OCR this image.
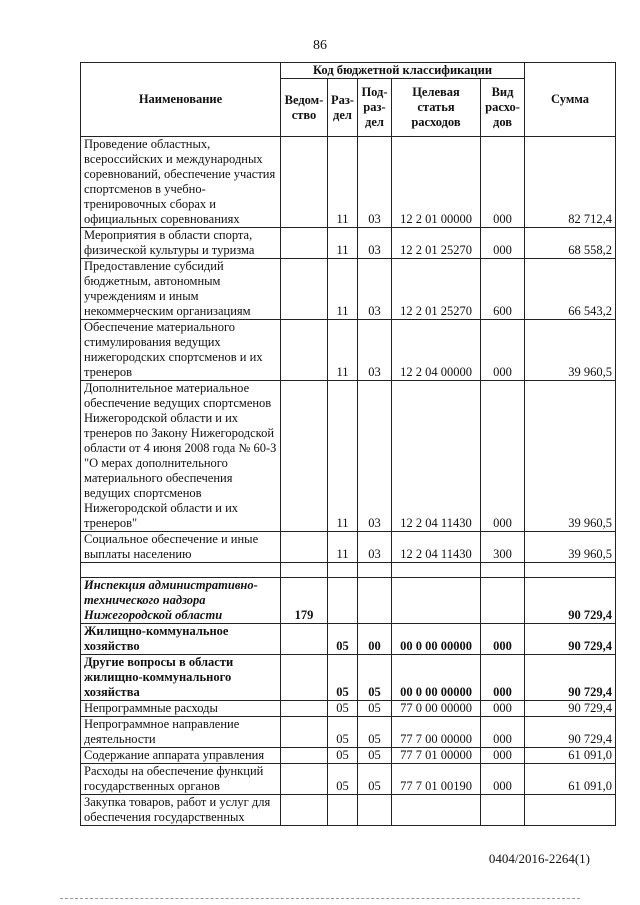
86
Наименование	Код бюджетной классификации					Сумма
	Ведом-ство	Раз-дел	Под-раз-дел	Целевая статья расходов	Вид расхо-дов	
Проведение областных, всероссийских и международных соревнований, обеспечение участия спортсменов в учебно-тренировочных сборах и официальных соревнованиях		11	03	12 2 01 00000	000	82 712,4
Мероприятия в области спорта, физической культуры и туризма		11	03	12 2 01 25270	000	68 558,2
Предоставление субсидий бюджетным, автономным учреждениям и иным некоммерческим организациям		11	03	12 2 01 25270	600	66 543,2
Обеспечение материального стимулирования ведущих нижегородских спортсменов и их тренеров		11	03	12 2 04 00000	000	39 960,5
Дополнительное материальное обеспечение ведущих спортсменов Нижегородской области и их тренеров по Закону Нижегородской области от 4 июня 2008 года № 60-З "О мерах дополнительного материального обеспечения ведущих спортсменов Нижегородской области и их тренеров"		11	03	12 2 04 11430	000	39 960,5
Социальное обеспечение и иные выплаты населению		11	03	12 2 04 11430	300	39 960,5

Инспекция административно-технического надзора Нижегородской области	179					90 729,4
Жилищно-коммунальное хозяйство		05	00	00 0 00 00000	000	90 729,4
Другие вопросы в области жилищно-коммунального хозяйства		05	05	00 0 00 00000	000	90 729,4
Непрограммные расходы		05	05	77 0 00 00000	000	90 729,4
Непрограммное направление деятельности		05	05	77 7 00 00000	000	90 729,4
Содержание аппарата управления		05	05	77 7 01 00000	000	61 091,0
Расходы на обеспечение функций государственных органов		05	05	77 7 01 00190	000	61 091,0
Закупка товаров, работ и услуг для обеспечения государственных						
0404/2016-2264(1)
